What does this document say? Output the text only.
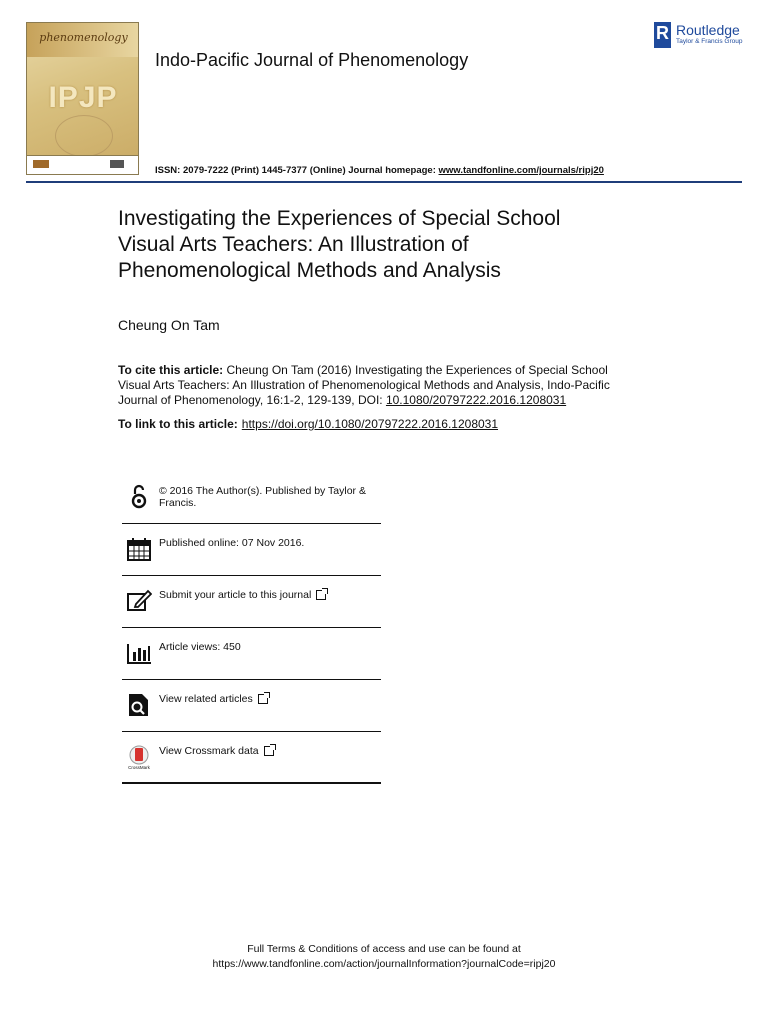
phenomenology
IPJP
Indo-Pacific Journal of Phenomenology
ISSN: 2079-7222 (Print) 1445-7377 (Online) Journal homepage: www.tandfonline.com/journals/ripj20
R Routledge
Taylor & Francis Group
Investigating the Experiences of Special School Visual Arts Teachers: An Illustration of Phenomenological Methods and Analysis
Cheung On Tam
To cite this article: Cheung On Tam (2016) Investigating the Experiences of Special School Visual Arts Teachers: An Illustration of Phenomenological Methods and Analysis, Indo-Pacific Journal of Phenomenology, 16:1-2, 129-139, DOI: 10.1080/20797222.2016.1208031
To link to this article: https://doi.org/10.1080/20797222.2016.1208031
© 2016 The Author(s). Published by Taylor & Francis.
Published online: 07 Nov 2016.
Submit your article to this journal
Article views: 450
View related articles
CrossMark
View Crossmark data
Full Terms & Conditions of access and use can be found at
https://www.tandfonline.com/action/journalInformation?journalCode=ripj20
